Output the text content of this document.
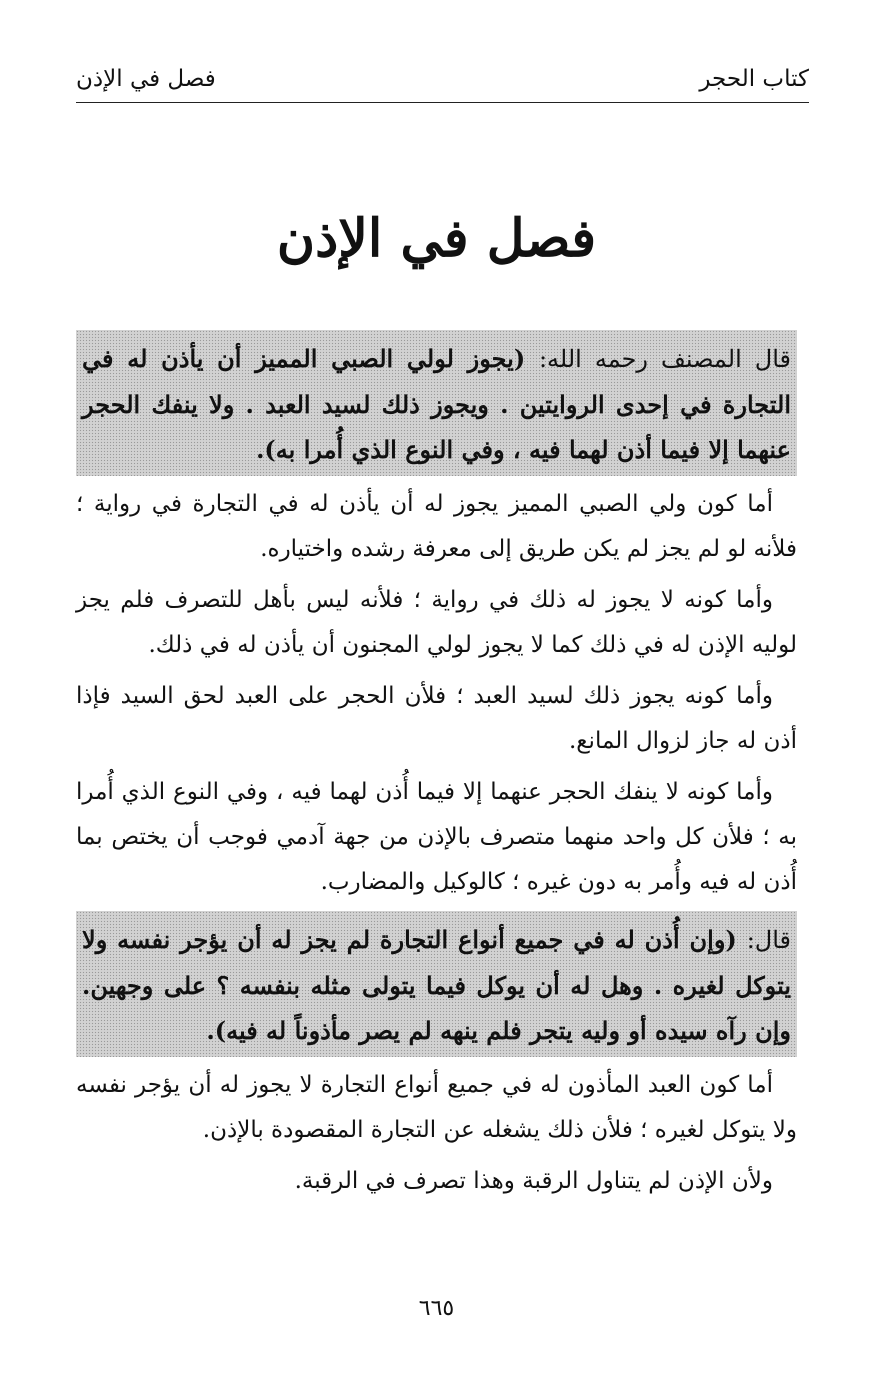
كتاب الحجر
فصل في الإذن
فصل في الإذن
قال المصنف رحمه الله: (يجوز لولي الصبي المميز أن يأذن له في التجارة في إحدى الروايتين . ويجوز ذلك لسيد العبد . ولا ينفك الحجر عنهما إلا فيما أذن لهما فيه ، وفي النوع الذي أُمرا به).

أما كون ولي الصبي المميز يجوز له أن يأذن له في التجارة في رواية ؛ فلأنه لو لم يجز لم يكن طريق إلى معرفة رشده واختياره.

وأما كونه لا يجوز له ذلك في رواية ؛ فلأنه ليس بأهل للتصرف فلم يجز لوليه الإذن له في ذلك كما لا يجوز لولي المجنون أن يأذن له في ذلك.

وأما كونه يجوز ذلك لسيد العبد ؛ فلأن الحجر على العبد لحق السيد فإذا أذن له جاز لزوال المانع.

وأما كونه لا ينفك الحجر عنهما إلا فيما أُذن لهما فيه ، وفي النوع الذي أُمرا به ؛ فلأن كل واحد منهما متصرف بالإذن من جهة آدمي فوجب أن يختص بما أُذن له فيه وأُمر به دون غيره ؛ كالوكيل والمضارب.

قال: (وإن أُذن له في جميع أنواع التجارة لم يجز له أن يؤجر نفسه ولا يتوكل لغيره . وهل له أن يوكل فيما يتولى مثله بنفسه ؟ على وجهين. وإن رآه سيده أو وليه يتجر فلم ينهه لم يصر مأذوناً له فيه).

أما كون العبد المأذون له في جميع أنواع التجارة لا يجوز له أن يؤجر نفسه ولا يتوكل لغيره ؛ فلأن ذلك يشغله عن التجارة المقصودة بالإذن.

ولأن الإذن لم يتناول الرقبة وهذا تصرف في الرقبة.

٦٦٥
